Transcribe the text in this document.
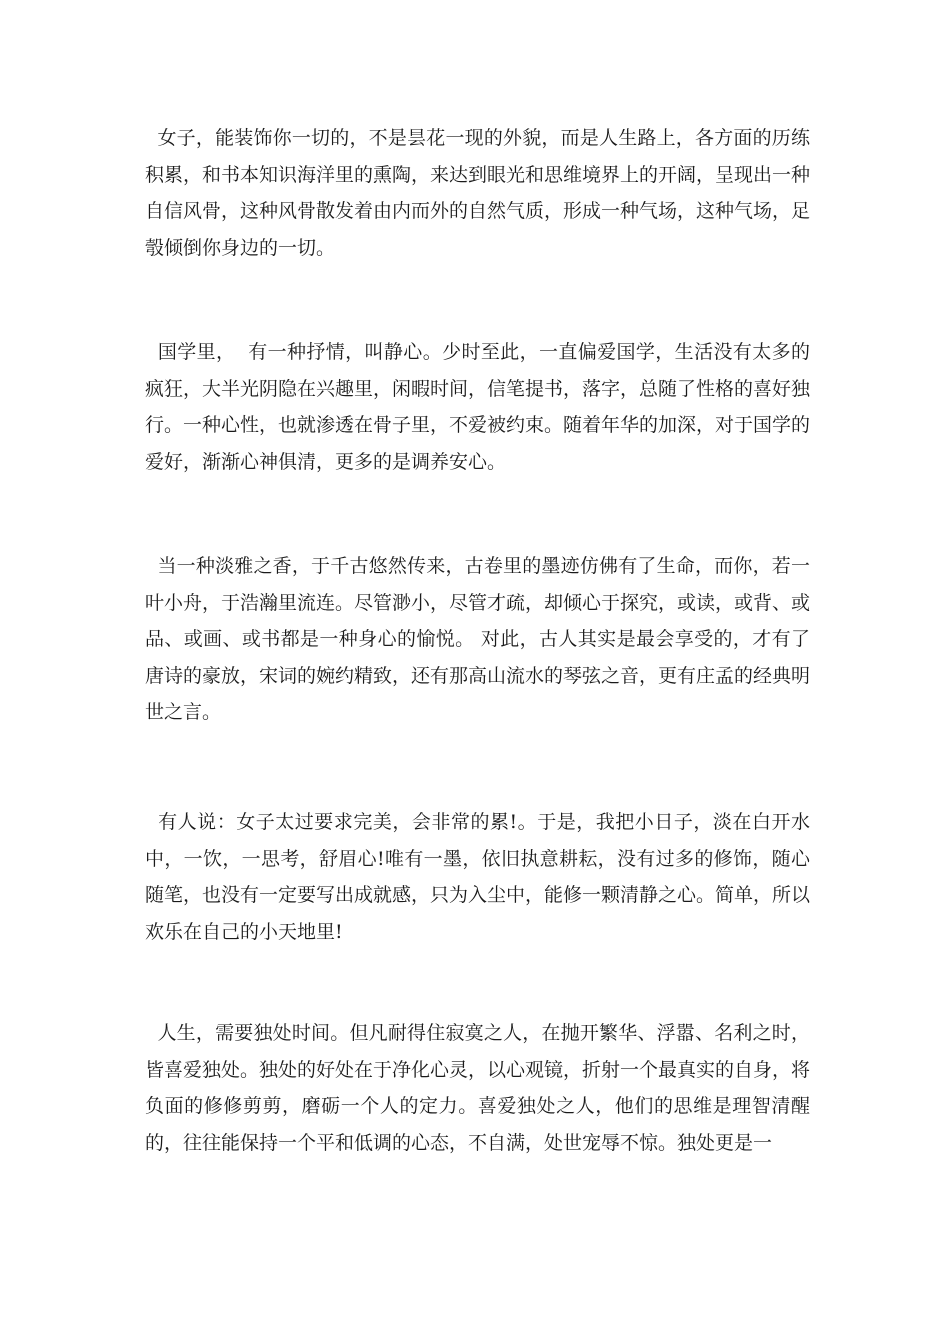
女子，能装饰你一切的，不是昙花一现的外貌，而是人生路上，各方面的历练积累，和书本知识海洋里的熏陶，来达到眼光和思维境界上的开阔，呈现出一种自信风骨，这种风骨散发着由内而外的自然气质，形成一种气场，这种气场，足彀倾倒你身边的一切。

国学里，  有一种抒情，叫静心。少时至此，一直偏爱国学，生活没有太多的疯狂，大半光阴隐在兴趣里，闲暇时间，信笔提书，落字，总随了性格的喜好独行。一种心性，也就渗透在骨子里，不爱被约束。随着年华的加深，对于国学的爱好，渐渐心神俱清，更多的是调养安心。

当一种淡雅之香，于千古悠然传来，古卷里的墨迹仿佛有了生命，而你，若一叶小舟，于浩瀚里流连。尽管渺小，尽管才疏，却倾心于探究，或读，或背、或品、或画、或书都是一种身心的愉悦。 对此，古人其实是最会享受的，才有了唐诗的豪放，宋词的婉约精致，还有那高山流水的琴弦之音，更有庄孟的经典明世之言。

有人说：女子太过要求完美，会非常的累!。于是，我把小日子，淡在白开水中，一饮，一思考，舒眉心!唯有一墨，依旧执意耕耘，没有过多的修饰，随心随笔，也没有一定要写出成就感，只为入尘中，能修一颗清静之心。简单，所以欢乐在自己的小天地里!

人生，需要独处时间。但凡耐得住寂寞之人，在抛开繁华、浮嚣、名利之时，皆喜爱独处。独处的好处在于净化心灵，以心观镜，折射一个最真实的自身，将负面的修修剪剪，磨砺一个人的定力。喜爱独处之人，他们的思维是理智清醒的，往往能保持一个平和低调的心态，不自满，处世宠辱不惊。独处更是一
